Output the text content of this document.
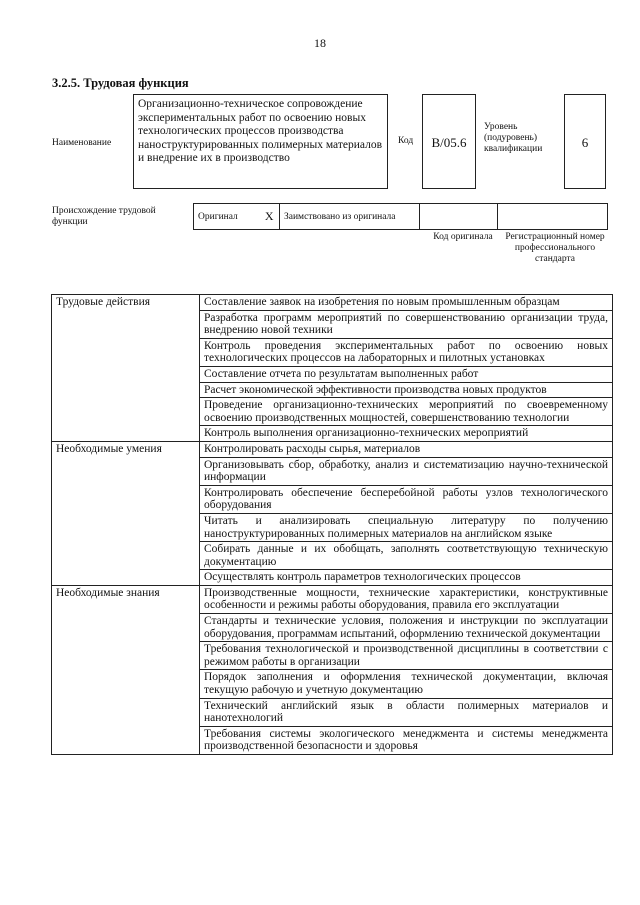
18
3.2.5. Трудовая функция
Наименование
Организационно-техническое сопровождение экспериментальных работ по освоению новых технологических процессов производства наноструктурированных полимерных материалов и внедрение их в производство
Код	B/05.6
Уровень (подуровень) квалификации	6
Происхождение трудовой функции
Оригинал	X	Заимствовано из оригинала		
Код оригинала	Регистрационный номер профессионального стандарта
Трудовые действия	Составление заявок на изобретения по новым промышленным образцам
	Разработка программ мероприятий по совершенствованию организации труда, внедрению новой техники
	Контроль проведения экспериментальных работ по освоению новых технологических процессов на лабораторных и пилотных установках
	Составление отчета по результатам выполненных работ
	Расчет экономической эффективности производства новых продуктов
	Проведение организационно-технических мероприятий по своевременному освоению производственных мощностей, совершенствованию технологии
	Контроль выполнения организационно-технических мероприятий
Необходимые умения	Контролировать расходы сырья, материалов
	Организовывать сбор, обработку, анализ и систематизацию научно-технической информации
	Контролировать обеспечение бесперебойной работы узлов технологического оборудования
	Читать и анализировать специальную литературу по получению наноструктурированных полимерных материалов на английском языке
	Собирать данные и их обобщать, заполнять соответствующую техническую документацию
	Осуществлять контроль параметров технологических процессов
Необходимые знания	Производственные мощности, технические характеристики, конструктивные особенности и режимы работы оборудования, правила его эксплуатации
	Стандарты и технические условия, положения и инструкции по эксплуатации оборудования, программам испытаний, оформлению технической документации
	Требования технологической и производственной дисциплины в соответствии с режимом работы в организации
	Порядок заполнения и оформления технической документации, включая текущую рабочую и учетную документацию
	Технический английский язык в области полимерных материалов и нанотехнологий
	Требования системы экологического менеджмента и системы менеджмента производственной безопасности и здоровья
